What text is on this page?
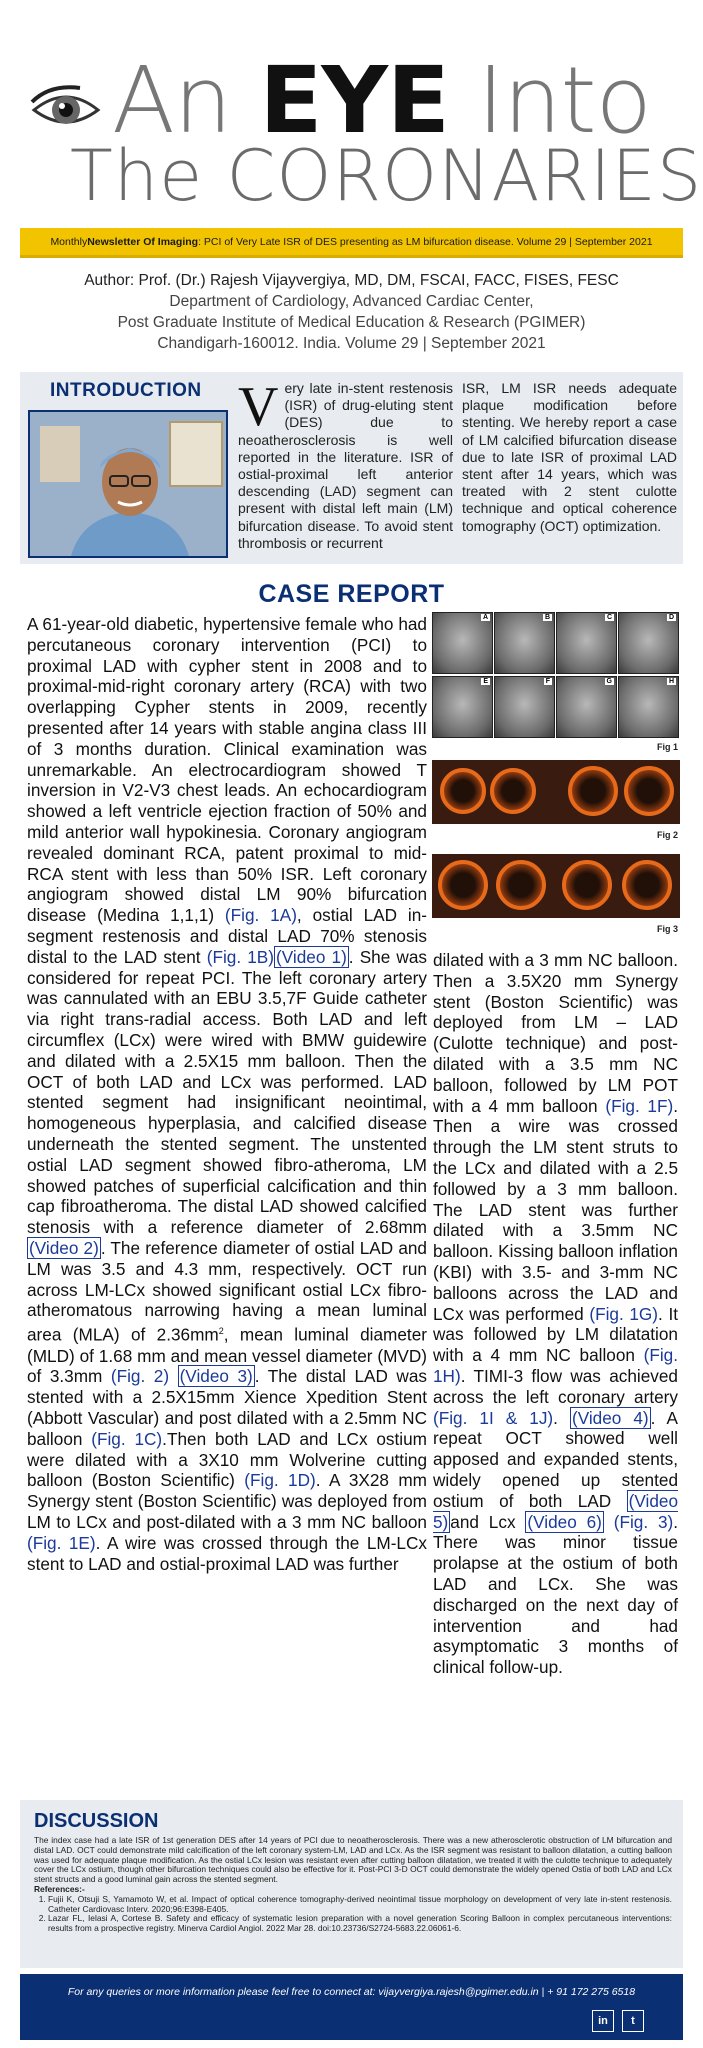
An EYE Into
The CORONARIES
Monthly Newsletter Of Imaging : PCI of Very Late ISR of DES presenting as LM bifurcation disease. Volume 29 | September 2021
Author: Prof. (Dr.) Rajesh Vijayvergiya, MD, DM, FSCAI, FACC, FISES, FESC
Department of Cardiology, Advanced Cardiac Center,
Post Graduate Institute of Medical Education & Research (PGIMER)
Chandigarh-160012. India. Volume 29 | September 2021
INTRODUCTION Very late in-stent restenosis (ISR) of drug-eluting stent (DES) due to neoatherosclerosis is well reported in the literature. ISR of ostial-proximal left anterior descending (LAD) segment can present with distal left main (LM) bifurcation disease. To avoid stent thrombosis or recurrent
ISR, LM ISR needs adequate plaque modification before stenting. We hereby report a case of LM calcified bifurcation disease due to late ISR of proximal LAD stent after 14 years, which was treated with 2 stent culotte technique and optical coherence tomography (OCT) optimization.
CASE REPORT
A 61-year-old diabetic, hypertensive female who had percutaneous coronary intervention (PCI) to proximal LAD with cypher stent in 2008 and to proximal-mid-right coronary artery (RCA) with two overlapping Cypher stents in 2009, recently presented after 14 years with stable angina class III of 3 months duration. Clinical examination was unremarkable. An electrocardiogram showed T inversion in V2-V3 chest leads. An echocardiogram showed a left ventricle ejection fraction of 50% and mild anterior wall hypokinesia. Coronary angiogram revealed dominant RCA, patent proximal to mid-RCA stent with less than 50% ISR. Left coronary angiogram showed distal LM 90% bifurcation disease (Medina 1,1,1) (Fig. 1A), ostial LAD in-segment restenosis and distal LAD 70% stenosis distal to the LAD stent (Fig. 1B) (Video 1) . She was considered for repeat PCI. The left coronary artery was cannulated with an EBU 3.5,7F Guide catheter via right trans-radial access. Both LAD and left circumflex (LCx) were wired with BMW guidewire and dilated with a 2.5X15 mm balloon. Then the OCT of both LAD and LCx was performed. LAD stented segment had insignificant neointimal, homogeneous hyperplasia, and calcified disease underneath the stented segment. The unstented ostial LAD segment showed fibro-atheroma, LM showed patches of superficial calcification and thin cap fibroatheroma. The distal LAD showed calcified stenosis with a reference diameter of 2.68mm (Video 2) . The reference diameter of ostial LAD and LM was 3.5 and 4.3 mm, respectively. OCT run across LM-LCx showed significant ostial LCx fibro-atheromatous narrowing having a mean luminal area (MLA) of $2.36mm^2$, mean luminal diameter (MLD) of 1.68 mm and mean vessel diameter (MVD) of 3.3mm (Fig. 2) (Video 3) . The distal LAD was stented with a 2.5X15mm Xience Xpedition Stent (Abbott Vascular) and post dilated with a 2.5mm NC balloon (Fig. 1C).Then both LAD and LCx ostium were dilated with a 3X10 mm Wolverine cutting balloon (Boston Scientific) (Fig. 1D). A 3X28 mm Synergy stent (Boston Scientific) was deployed from LM to LCx and post-dilated with a 3 mm NC balloon (Fig. 1E). A wire was crossed through the LM-LCx stent to LAD and ostial-proximal LAD was further
dilated with a 3 mm NC balloon. Then a 3.5X20 mm Synergy stent (Boston Scientific) was deployed from LM – LAD (Culotte technique) and post-dilated with a 3.5 mm NC balloon, followed by LM POT with a 4 mm balloon (Fig. 1F). Then a wire was crossed through the LM stent struts to the LCx and dilated with a 2.5 followed by a 3 mm balloon. The LAD stent was further dilated with a 3.5mm NC balloon. Kissing balloon inflation (KBI) with 3.5- and 3-mm NC balloons across the LAD and LCx was performed (Fig. 1G). It was followed by LM dilatation with a 4 mm NC balloon (Fig. 1H). TIMI-3 flow was achieved across the left coronary artery (Fig. 1I & 1J). (Video 4) . A repeat OCT showed well apposed and expanded stents, widely opened up stented ostium of both LAD (Video 5) and Lcx (Video 6) (Fig. 3). There was minor tissue prolapse at the ostium of both LAD and LCx. She was discharged on the next day of intervention and had asymptomatic 3 months of clinical follow-up.
A	B	C	D
E	F	G	H
Fig 1
Fig 2
Fig 3
DISCUSSION

The index case had a late ISR of 1st generation DES after 14 years of PCI due to neoatherosclerosis. There was a new atherosclerotic obstruction of LM bifurcation and distal LAD. OCT could demonstrate mild calcification of the left coronary system-LM, LAD and LCx. As the ISR segment was resistant to balloon dilatation, a cutting balloon was used for adequate plaque modification. As the ostial LCx lesion was resistant even after cutting balloon dilatation, we treated it with the culotte technique to adequately cover the LCx ostium, though other bifurcation techniques could also be effective for it. Post-PCI 3-D OCT could demonstrate the widely opened Ostia of both LAD and LCx stent structs and a good luminal gain across the stented segment.

References:-

1. Fujii K, Otsuji S, Yamamoto W, et al. Impact of optical coherence tomography-derived neointimal tissue morphology on development of very late in-stent restenosis. Catheter Cardiovasc Interv. 2020;96:E398-E405.
2. Lazar FL, Ielasi A, Cortese B. Safety and efficacy of systematic lesion preparation with a novel generation Scoring Balloon in complex percutaneous interventions: results from a prospective registry. Minerva Cardiol Angiol. 2022 Mar 28. doi:10.23736/S2724-5683.22.06061-6.
For any queries or more information please feel free to connect at: vijayvergiya.rajesh@pgimer.edu.in | + 91 172 275 6518
in	t
